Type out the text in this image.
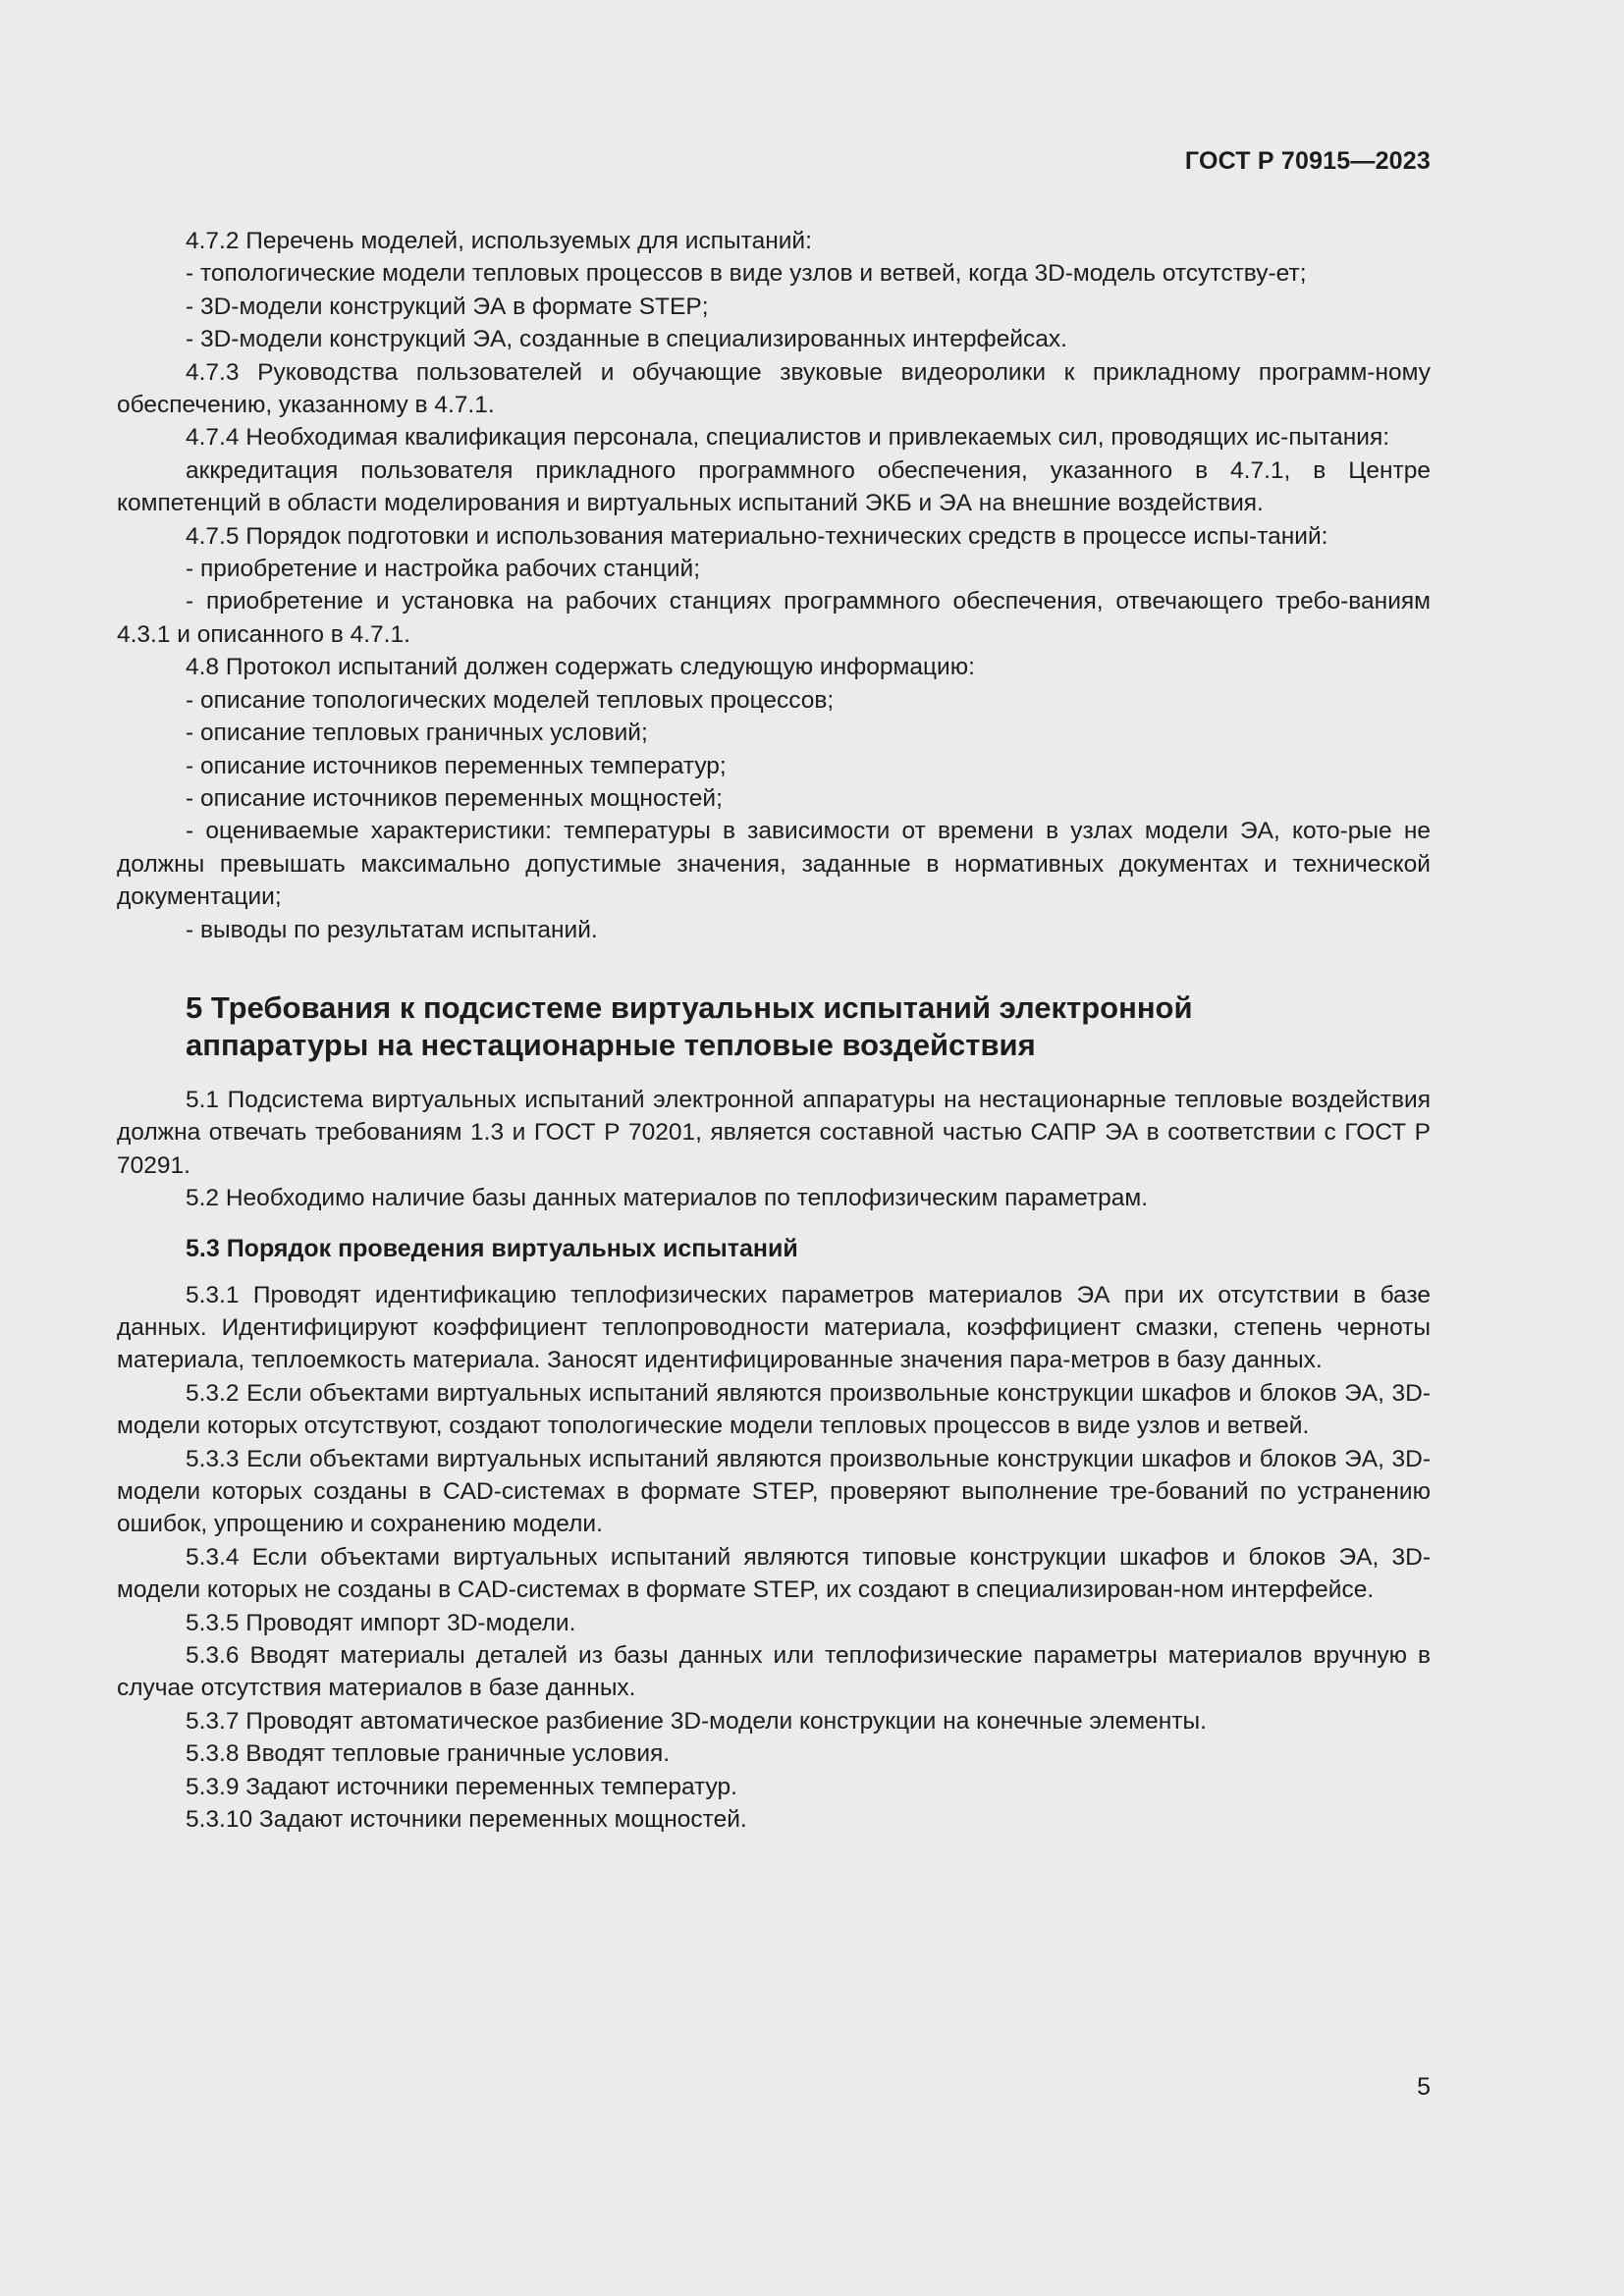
ГОСТ Р 70915—2023

4.7.2 Перечень моделей, используемых для испытаний:

- топологические модели тепловых процессов в виде узлов и ветвей, когда 3D-модель отсутству-ет;

- 3D-модели конструкций ЭА в формате STEP;

- 3D-модели конструкций ЭА, созданные в специализированных интерфейсах.

4.7.3 Руководства пользователей и обучающие звуковые видеоролики к прикладному программ-ному обеспечению, указанному в 4.7.1.

4.7.4 Необходимая квалификация персонала, специалистов и привлекаемых сил, проводящих ис-пытания:

аккредитация пользователя прикладного программного обеспечения, указанного в 4.7.1, в Центре компетенций в области моделирования и виртуальных испытаний ЭКБ и ЭА на внешние воздействия.

4.7.5 Порядок подготовки и использования материально-технических средств в процессе испы-таний:

- приобретение и настройка рабочих станций;

- приобретение и установка на рабочих станциях программного обеспечения, отвечающего требо-ваниям 4.3.1 и описанного в 4.7.1.

4.8 Протокол испытаний должен содержать следующую информацию:

- описание топологических моделей тепловых процессов;

- описание тепловых граничных условий;

- описание источников переменных температур;

- описание источников переменных мощностей;

- оцениваемые характеристики: температуры в зависимости от времени в узлах модели ЭА, кото-рые не должны превышать максимально допустимые значения, заданные в нормативных документах и технической документации;

- выводы по результатам испытаний.

5 Требования к подсистеме виртуальных испытаний электронной аппаратуры на нестационарные тепловые воздействия

5.1 Подсистема виртуальных испытаний электронной аппаратуры на нестационарные тепловые воздействия должна отвечать требованиям 1.3 и ГОСТ Р 70201, является составной частью САПР ЭА в соответствии с ГОСТ Р 70291.

5.2 Необходимо наличие базы данных материалов по теплофизическим параметрам.

5.3 Порядок проведения виртуальных испытаний

5.3.1 Проводят идентификацию теплофизических параметров материалов ЭА при их отсутствии в базе данных. Идентифицируют коэффициент теплопроводности материала, коэффициент смазки, степень черноты материала, теплоемкость материала. Заносят идентифицированные значения пара-метров в базу данных.

5.3.2 Если объектами виртуальных испытаний являются произвольные конструкции шкафов и блоков ЭА, 3D-модели которых отсутствуют, создают топологические модели тепловых процессов в виде узлов и ветвей.

5.3.3 Если объектами виртуальных испытаний являются произвольные конструкции шкафов и блоков ЭА, 3D-модели которых созданы в CAD-системах в формате STEP, проверяют выполнение тре-бований по устранению ошибок, упрощению и сохранению модели.

5.3.4 Если объектами виртуальных испытаний являются типовые конструкции шкафов и блоков ЭА, 3D-модели которых не созданы в CAD-системах в формате STEP, их создают в специализирован-ном интерфейсе.

5.3.5 Проводят импорт 3D-модели.

5.3.6 Вводят материалы деталей из базы данных или теплофизические параметры материалов вручную в случае отсутствия материалов в базе данных.

5.3.7 Проводят автоматическое разбиение 3D-модели конструкции на конечные элементы.

5.3.8 Вводят тепловые граничные условия.

5.3.9 Задают источники переменных температур.

5.3.10 Задают источники переменных мощностей.

5
